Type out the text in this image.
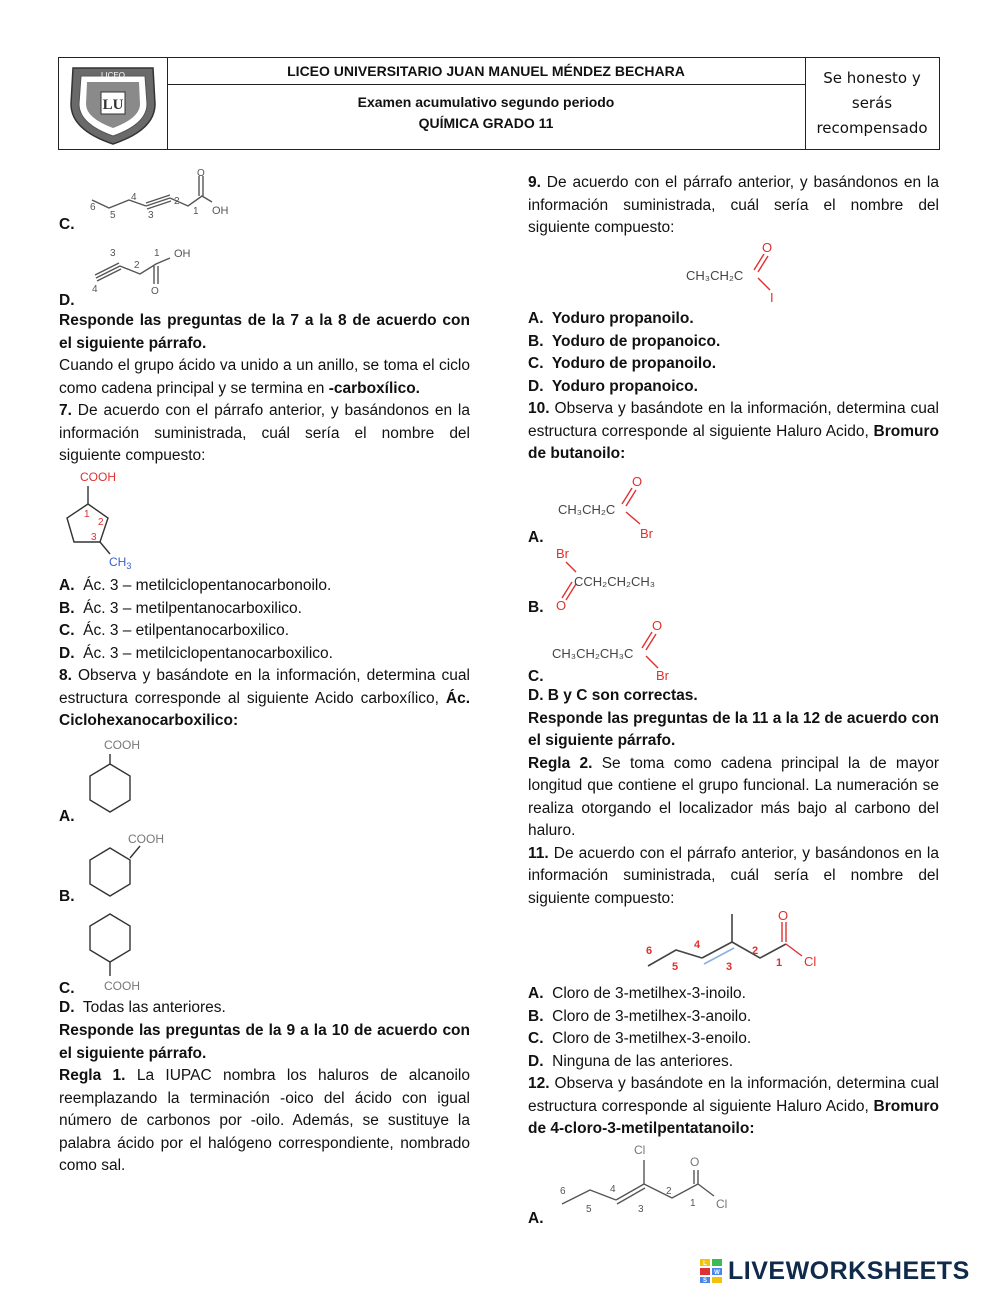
LU
LICEO	LICEO UNIVERSITARIO JUAN MANUEL MÉNDEZ BECHARA
Examen acumulativo segundo periodo
QUÍMICA GRADO 11
Se honesto y
serás
recompensado
C.
O
OH
6
5
4
3
2
1
D.
OH
O
3	1
2
4

Responde las preguntas de la 7 a la 8 de acuerdo con el siguiente párrafo.

Cuando el grupo ácido va unido a un anillo, se toma el ciclo como cadena principal y se termina en -carboxílico.

7. De acuerdo con el párrafo anterior, y basándonos en la información suministrada, cuál sería el nombre del siguiente compuesto:

COOH
$CH_3$
1
2
3

A. Ác. 3 – metilciclopentanocarbonoilo.

B. Ác. 3 – metilpentanocarboxilico.

C. Ác. 3 – etilpentanocarboxilico.

D. Ác. 3 – metilciclopentanocarboxilico.

8. Observa y basándote en la información, determina cual estructura corresponde al siguiente Acido carboxílico, Ác. Ciclohexanocarboxilico:

COOH
A.
COOH
B.
COOH
C.

D. Todas las anteriores.

Responde las preguntas de la 9 a la 10 de acuerdo con el siguiente párrafo.

Regla 1. La IUPAC nombra los haluros de alcanoilo reemplazando la terminación -oico del ácido con igual número de carbonos por -oilo. Además, se sustituye la palabra ácido por el halógeno correspondiente, nombrado como sal.

9. De acuerdo con el párrafo anterior, y basándonos en la información suministrada, cuál sería el nombre del siguiente compuesto:

CH₃CH₂C
O
I

A. Yoduro propanoilo.

B. Yoduro de propanoico.

C. Yoduro de propanoilo.

D. Yoduro propanoico.

10. Observa y basándote en la información, determina cual estructura corresponde al siguiente Haluro Acido, Bromuro de butanoilo:

CH₃CH₂C
O
Br
A.
Br
CCH₂CH₂CH₃
O
B.
CH₃CH₂CH₃C
O
Br
C.

D. B y C son correctas.

Responde las preguntas de la 11 a la 12 de acuerdo con el siguiente párrafo.

Regla 2. Se toma como cadena principal la de mayor longitud que contiene el grupo funcional. La numeración se realiza otorgando el localizador más bajo al carbono del haluro.

11. De acuerdo con el párrafo anterior, y basándonos en la información suministrada, cuál sería el nombre del siguiente compuesto:

O
Cl
6
5
4
3
2
1

A. Cloro de 3-metilhex-3-inoilo.

B. Cloro de 3-metilhex-3-anoilo.

C. Cloro de 3-metilhex-3-enoilo.

D. Ninguna de las anteriores.

12. Observa y basándote en la información, determina cual estructura corresponde al siguiente Haluro Acido, Bromuro de 4-cloro-3-metilpentatanoilo:

Cl
O
Cl
6
5
4
3
2
1
A.
L
W
S LIVEWORKSHEETS
